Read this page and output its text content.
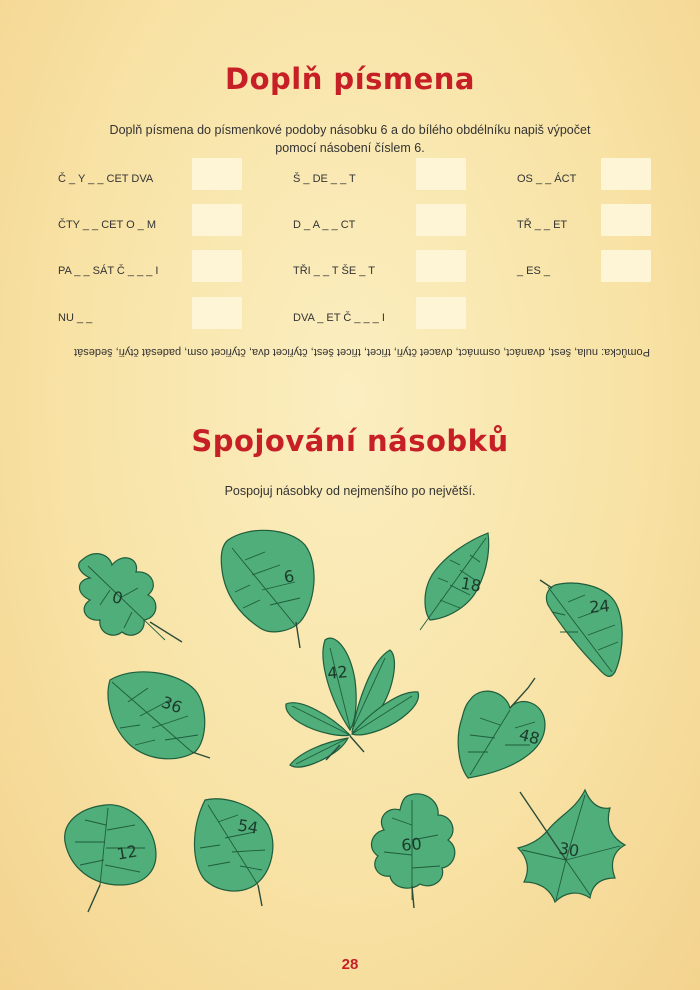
Doplň písmena
Doplň písmena do písmenkové podoby násobku 6 a do bílého obdélníku napiš výpočet
pomocí násobení číslem 6.
Č _ Y _ _ CET DVA
ČTY _ _ CET O _ M
PA _ _ SÁT Č _ _ _ I
NU _ _
Š _ DE _ _ T
D _ A _ _ CT
TŘI _ _ T ŠE _ T
DVA _ ET Č _ _ _ I
OS _ _ ÁCT
TŘ _ _ ET
_ ES _
Pomůcka: nula, šest, dvanáct, osmnáct, dvacet čtyři, třicet, třicet šest, čtyřicet dva, čtyřicet osm, padesát čtyři, šedesát
Spojování násobků
Pospojuj násobky od nejmenšího po největší.
0
6	18
24
42
36
48
12
54
60	30
28
